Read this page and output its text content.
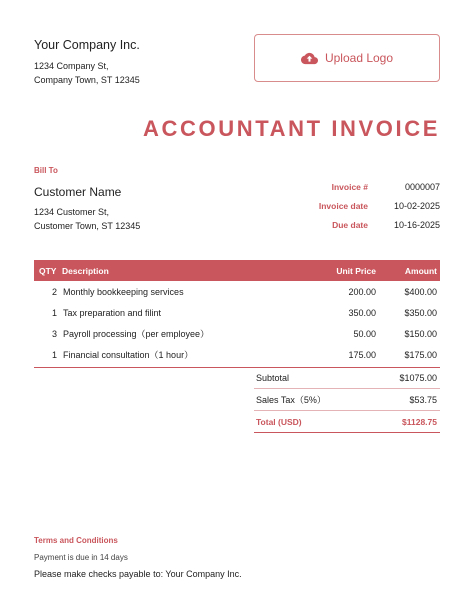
Your Company Inc.
1234 Company St,
Company Town, ST 12345
Upload Logo
ACCOUNTANT INVOICE
Bill To
Customer Name
1234 Customer St,
Customer Town, ST 12345
Invoice #	0000007
Invoice date	10-02-2025
Due date	10-16-2025
QTY Description	Unit Price	Amount
2 Monthly bookkeeping services	200.00	$400.00
1 Tax preparation and filint	350.00	$350.00
3 Payroll processing（per employee）	50.00	$150.00
1 Financial consultation（1 hour）	175.00	$175.00
Subtotal	$1075.00
Sales Tax（5%）	$53.75
Total (USD)	$1128.75
Terms and Conditions
Payment is due in 14 days
Please make checks payable to: Your Company Inc.
